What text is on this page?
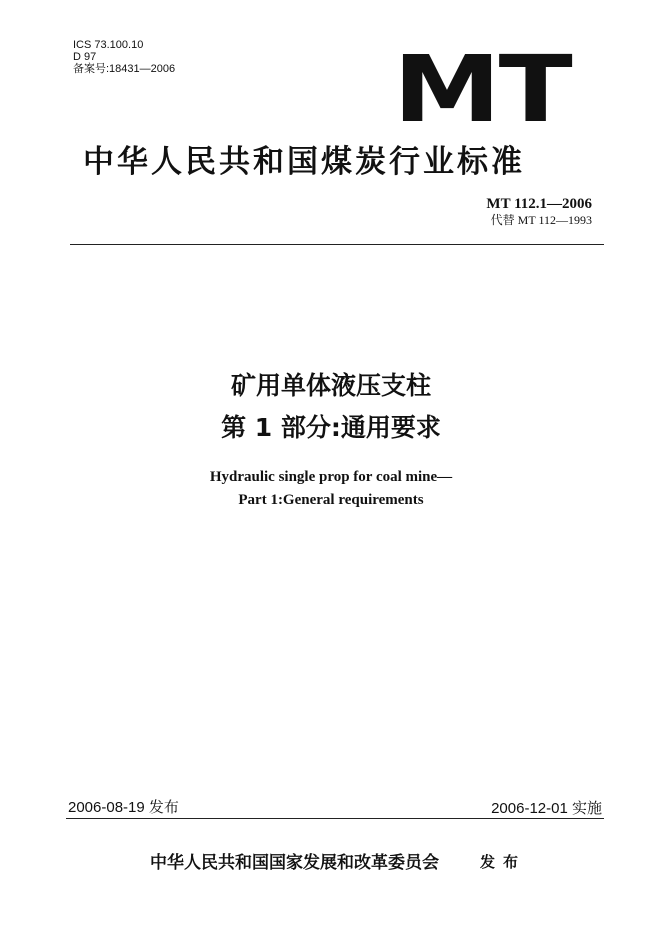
ICS 73.100.10
D 97
备案号:18431—2006 MT
中华人民共和国煤炭行业标准
MT 112.1—2006
代替 MT 112—1993
矿用单体液压支柱
第 1 部分:通用要求
Hydraulic single prop for coal mine—
Part 1:General requirements
2006-08-19 发布	2006-12-01 实施
中华人民共和国国家发展和改革委员会	发布
